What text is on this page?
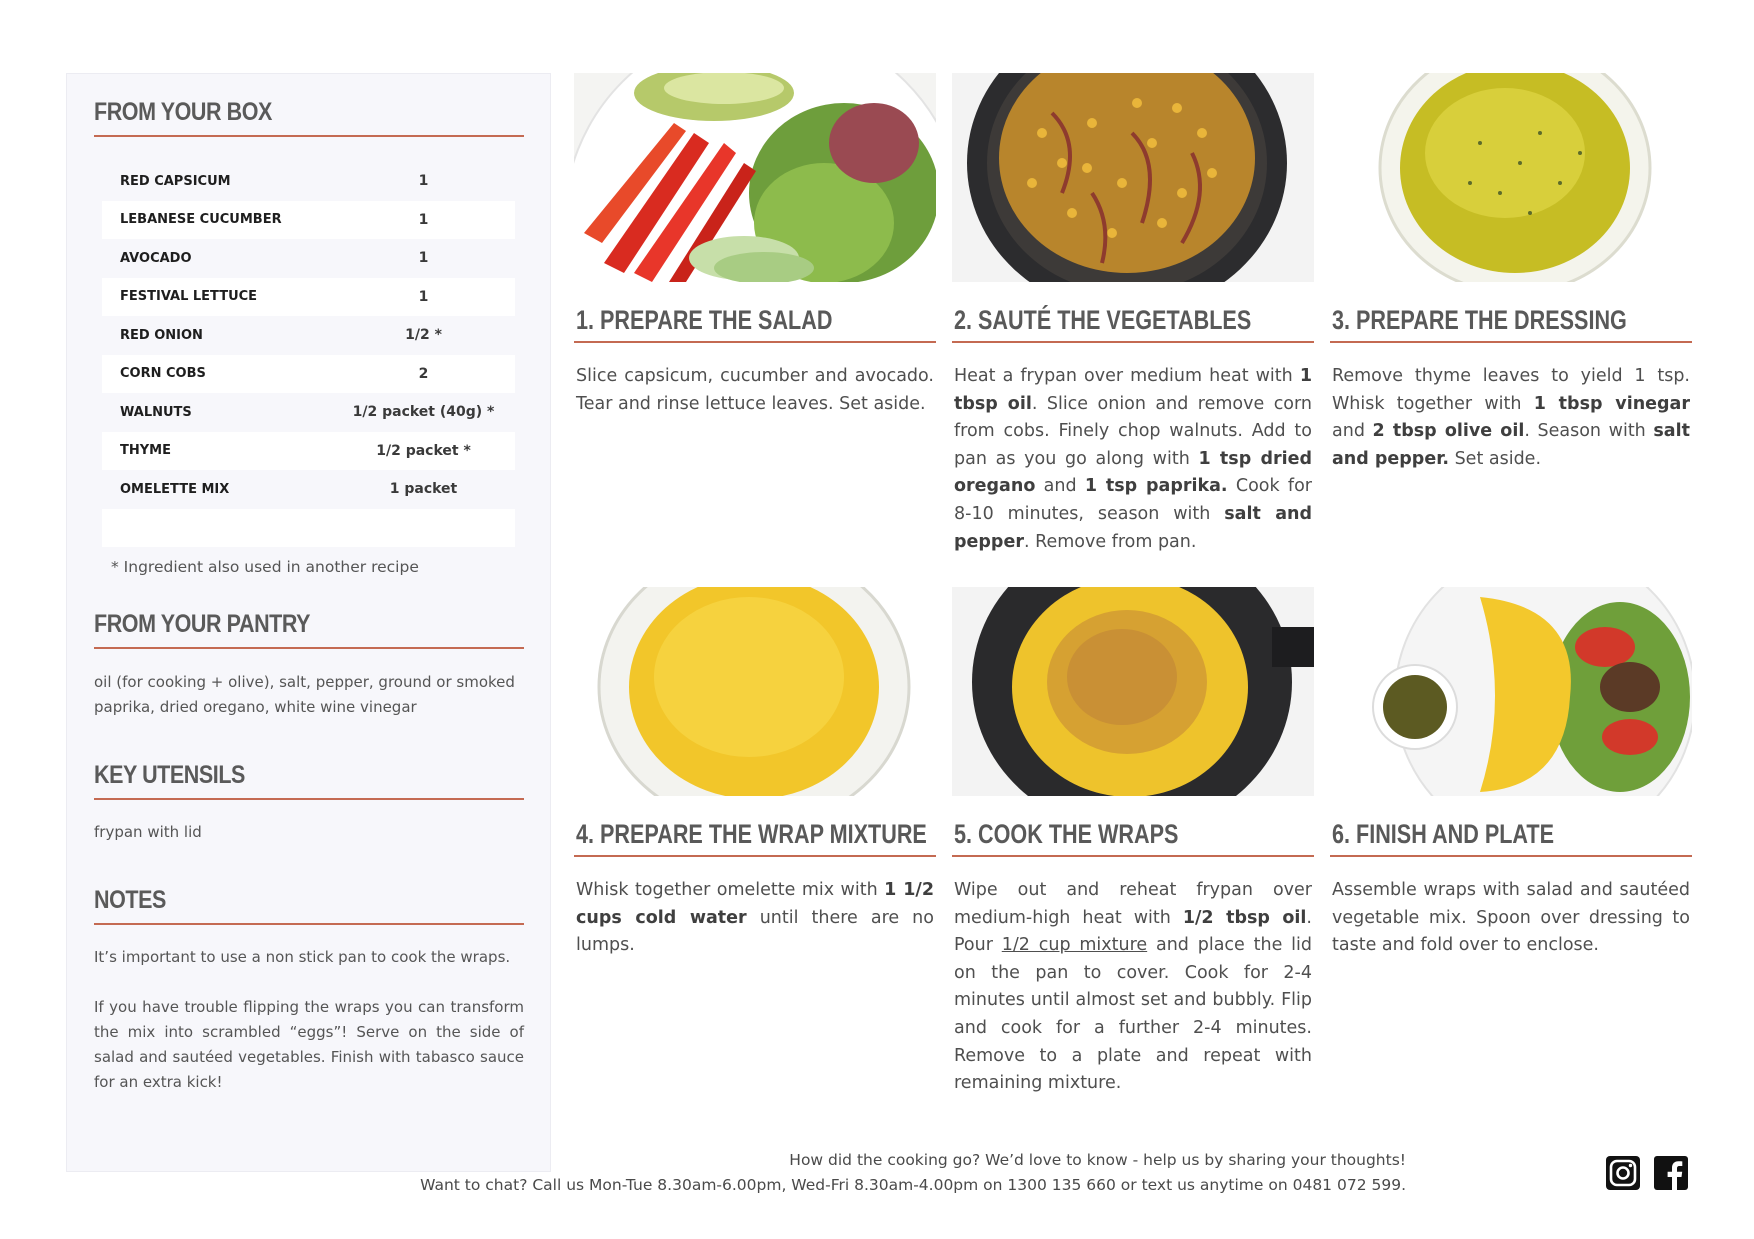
FROM YOUR BOX
RED CAPSICUM	1
LEBANESE CUCUMBER	1
AVOCADO	1
FESTIVAL LETTUCE	1
RED ONION	1/2 *
CORN COBS	2
WALNUTS	1/2 packet (40g) *
THYME	1/2 packet *
OMELETTE MIX	1 packet
* Ingredient also used in another recipe
FROM YOUR PANTRY
oil (for cooking + olive), salt, pepper, ground or smoked paprika, dried oregano, white wine vinegar
KEY UTENSILS
frypan with lid
NOTES
It’s important to use a non stick pan to cook the wraps.
If you have trouble flipping the wraps you can transform the mix into scrambled “eggs”! Serve on the side of salad and sautéed vegetables. Finish with tabasco sauce for an extra kick!
1. PREPARE THE SALAD
Slice capsicum, cucumber and avocado. Tear and rinse lettuce leaves. Set aside.
2. SAUTÉ THE VEGETABLES
Heat a frypan over medium heat with 1 tbsp oil. Slice onion and remove corn from cobs. Finely chop walnuts. Add to pan as you go along with 1 tsp dried oregano and 1 tsp paprika. Cook for 8-10 minutes, season with salt and pepper. Remove from pan.
3. PREPARE THE DRESSING
Remove thyme leaves to yield 1 tsp. Whisk together with 1 tbsp vinegar and 2 tbsp olive oil. Season with salt and pepper. Set aside.
4. PREPARE THE WRAP MIXTURE
Whisk together omelette mix with 1 1/2 cups cold water until there are no lumps.
5. COOK THE WRAPS
Wipe out and reheat frypan over medium-high heat with 1/2 tbsp oil. Pour 1/2 cup mixture and place the lid on the pan to cover. Cook for 2-4 minutes until almost set and bubbly. Flip and cook for a further 2-4 minutes. Remove to a plate and repeat with remaining mixture.
6. FINISH AND PLATE
Assemble wraps with salad and sautéed vegetable mix. Spoon over dressing to taste and fold over to enclose.
How did the cooking go? We’d love to know - help us by sharing your thoughts!
Want to chat? Call us Mon-Tue 8.30am-6.00pm, Wed-Fri 8.30am-4.00pm on 1300 135 660 or text us anytime on 0481 072 599.
